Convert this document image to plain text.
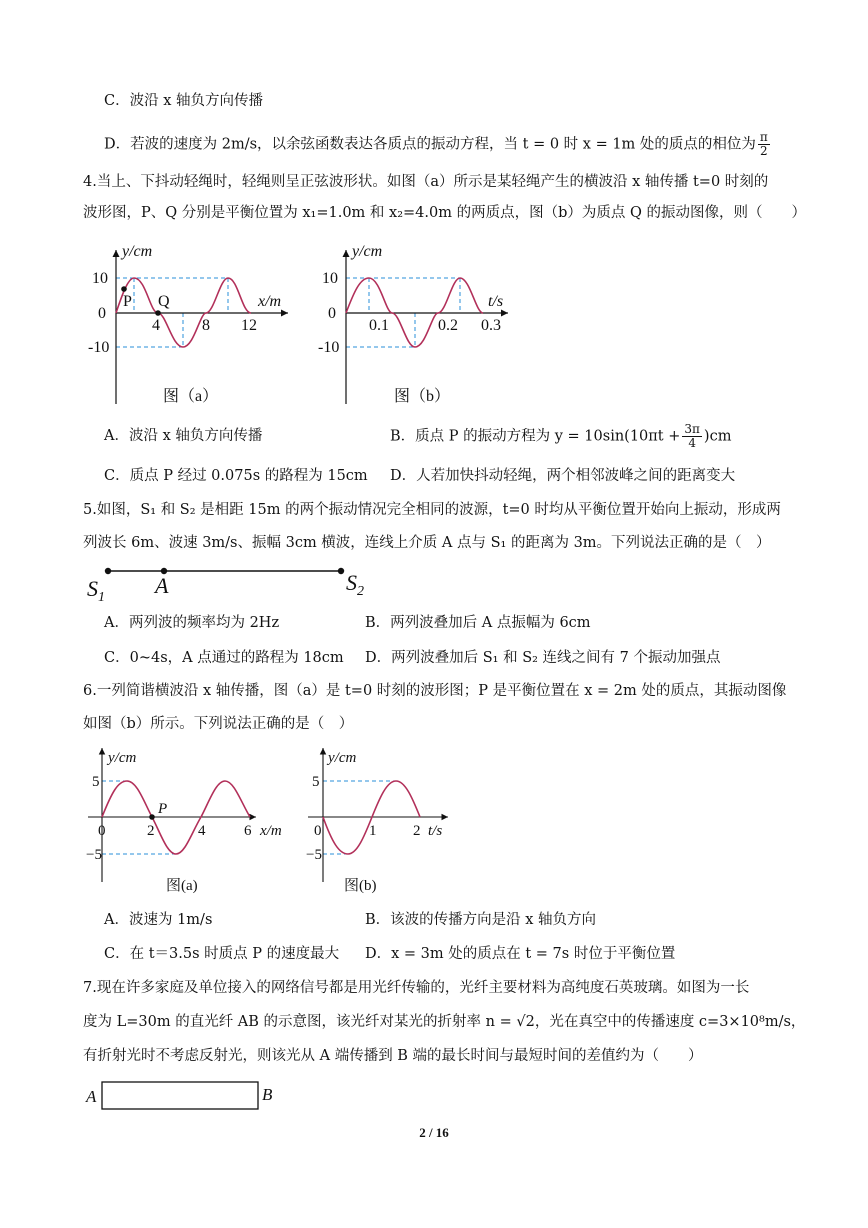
C．波沿 x 轴负方向传播
D．若波的速度为 2m/s，以余弦函数表达各质点的振动方程，当 t = 0 时 x = 1m 处的质点的相位为 $\frac{\pi}{2}$
4.当上、下抖动轻绳时，轻绳则呈正弦波形状。如图（a）所示是某轻绳产生的横波沿 x 轴传播 t=0 时刻的
波形图，P、Q 分别是平衡位置为 x₁=1.0m 和 x₂=4.0m 的两质点，图（b）为质点 Q 的振动图像，则（　　）
y/cm
x/m
10
0
-10
P Q
4	8 12
图（a）
y/cm
t/s
10
0
-10
0.1	0.2 0.3
图（b）
A．波沿 x 轴负方向传播	B．质点 P 的振动方程为 $y = 10\sin(10\pi t + \frac{3\pi}{4} )cm$
C．质点 P 经过 0.075s 的路程为 15cm D．人若加快抖动轻绳，两个相邻波峰之间的距离变大
5.如图，S₁ 和 S₂ 是相距 15m 的两个振动情况完全相同的波源，t=0 时均从平衡位置开始向上振动，形成两
列波长 6m、波速 3m/s、振幅 3cm 横波，连线上介质 A 点与 S₁ 的距离为 3m。下列说法正确的是（　）
$S_1$ A	$S_2$
A．两列波的频率均为 2Hz	B．两列波叠加后 A 点振幅为 6cm
C．0~4s，A 点通过的路程为 18cm D．两列波叠加后 S₁ 和 S₂ 连线之间有 7 个振动加强点
6.一列简谐横波沿 x 轴传播，图（a）是 t=0 时刻的波形图；P 是平衡位置在 x = 2m 处的质点，其振动图像
如图（b）所示。下列说法正确的是（　）
y/cm
5
−5
P
0	2	4	6 x/m
图(a)
y/cm
5
−5
0	1 2 t/s
图(b)
A．波速为 1m/s	B．该波的传播方向是沿 x 轴负方向
C．在 t＝3.5s 时质点 P 的速度最大 D．x = 3m 处的质点在 t = 7s 时位于平衡位置
7.现在许多家庭及单位接入的网络信号都是用光纤传输的，光纤主要材料为高纯度石英玻璃。如图为一长
度为 L=30m 的直光纤 AB 的示意图，该光纤对某光的折射率 n = √2，光在真空中的传播速度 c=3×10⁸m/s，
有折射光时不考虑反射光，则该光从 A 端传播到 B 端的最长时间与最短时间的差值约为（　　）
A	B
2 / 16
